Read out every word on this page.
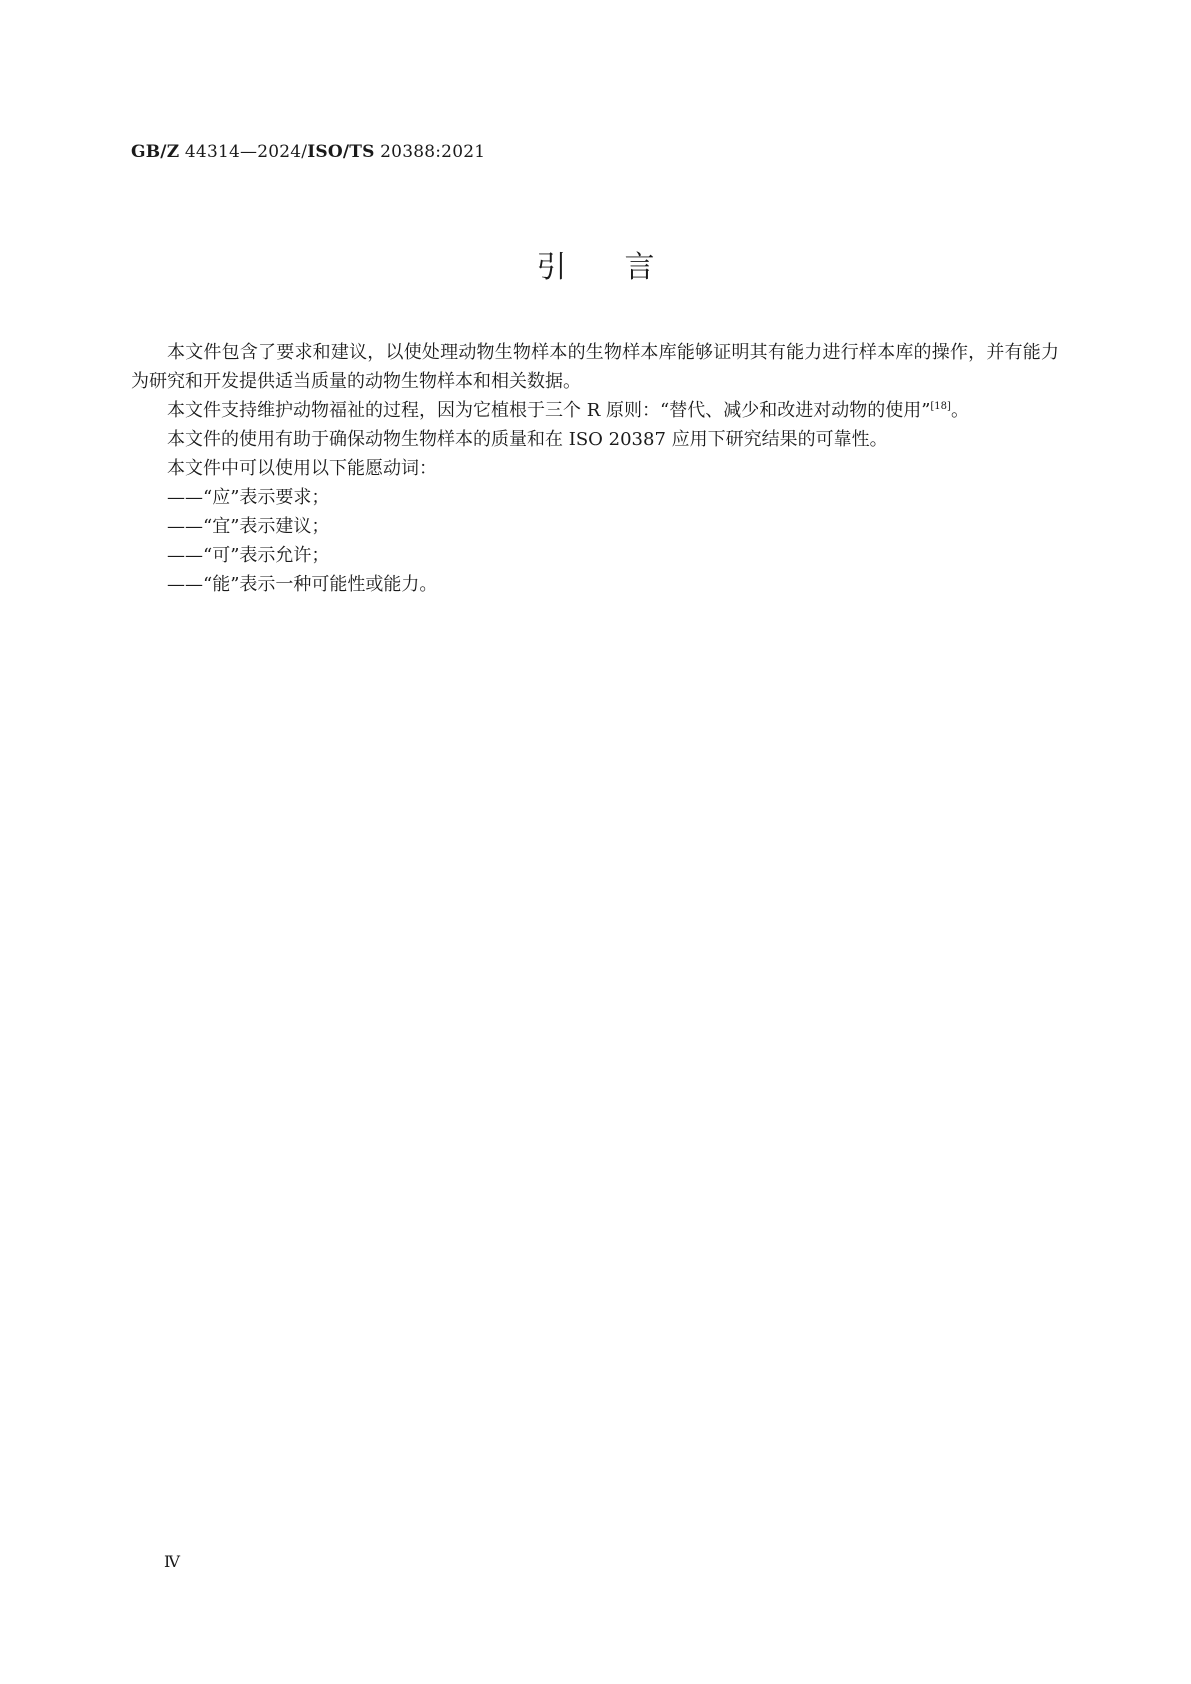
GB/Z 44314—2024/ISO/TS 20388:2021
引言

本文件包含了要求和建议，以使处理动物生物样本的生物样本库能够证明其有能力进行样本库的操作，并有能力为研究和开发提供适当质量的动物生物样本和相关数据。

本文件支持维护动物福祉的过程，因为它植根于三个 R 原则：“替代、减少和改进对动物的使用”[18]。

本文件的使用有助于确保动物生物样本的质量和在 ISO 20387 应用下研究结果的可靠性。

本文件中可以使用以下能愿动词：

——“应”表示要求；

——“宜”表示建议；

——“可”表示允许；

——“能”表示一种可能性或能力。

Ⅳ
